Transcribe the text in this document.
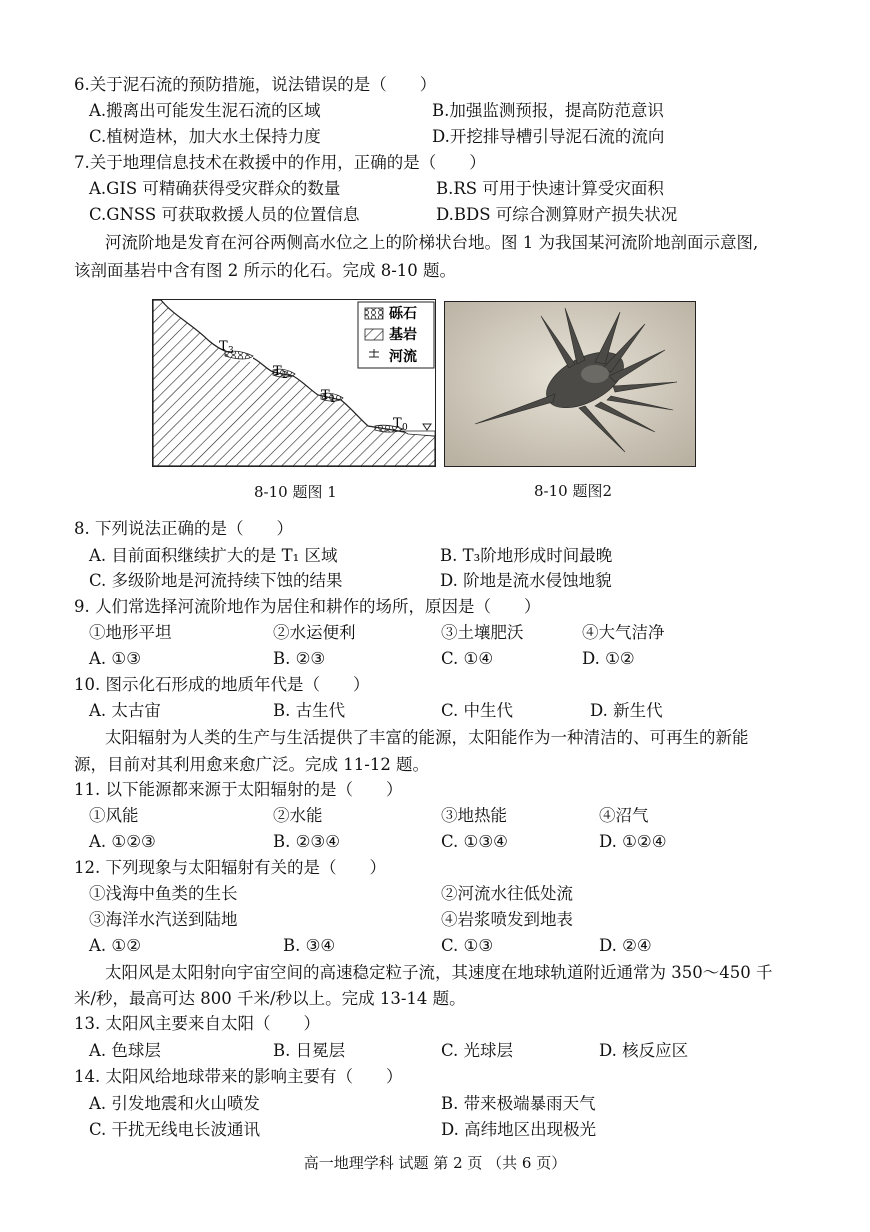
6.关于泥石流的预防措施，说法错误的是（　　）
A.搬离出可能发生泥石流的区域	B.加强监测预报，提高防范意识
C.植树造林，加大水土保持力度	D.开挖排导槽引导泥石流的流向
7.关于地理信息技术在救援中的作用，正确的是（　　）
A.GIS 可精确获得受灾群众的数量	B.RS 可用于快速计算受灾面积
C.GNSS 可获取救援人员的位置信息	D.BDS 可综合测算财产损失状况
河流阶地是发育在河谷两侧高水位之上的阶梯状台地。图 1 为我国某河流阶地剖面示意图,
该剖面基岩中含有图 2 所示的化石。完成 8-10 题。
T 3
T 2
T 1
T 0
砾石
基岩
河流
8-10 题图 1	8-10 题图2
8. 下列说法正确的是（　　）
A. 目前面积继续扩大的是 T₁ 区域	B. T₃阶地形成时间最晚
C. 多级阶地是河流持续下蚀的结果	D. 阶地是流水侵蚀地貌
9. 人们常选择河流阶地作为居住和耕作的场所，原因是（　　）
①地形平坦	②水运便利	③土壤肥沃	④大气洁净
A. ①③	B. ②③	C. ①④	D. ①②
10. 图示化石形成的地质年代是（　　）
A. 太古宙	B. 古生代	C. 中生代	D. 新生代
太阳辐射为人类的生产与生活提供了丰富的能源，太阳能作为一种清洁的、可再生的新能
源，目前对其利用愈来愈广泛。完成 11-12 题。
11. 以下能源都来源于太阳辐射的是（　　）
①风能	②水能	③地热能	④沼气
A. ①②③	B. ②③④	C. ①③④	D. ①②④
12. 下列现象与太阳辐射有关的是（　　）
①浅海中鱼类的生长	②河流水往低处流
③海洋水汽送到陆地	④岩浆喷发到地表
A. ①②	B. ③④	C. ①③	D. ②④
太阳风是太阳射向宇宙空间的高速稳定粒子流，其速度在地球轨道附近通常为 350～450 千
米/秒，最高可达 800 千米/秒以上。完成 13-14 题。
13. 太阳风主要来自太阳（　　）
A. 色球层	B. 日冕层	C. 光球层	D. 核反应区
14. 太阳风给地球带来的影响主要有（　　）
A. 引发地震和火山喷发	B. 带来极端暴雨天气
C. 干扰无线电长波通讯	D. 高纬地区出现极光
高一地理学科 试题 第 2 页 （共 6 页）
